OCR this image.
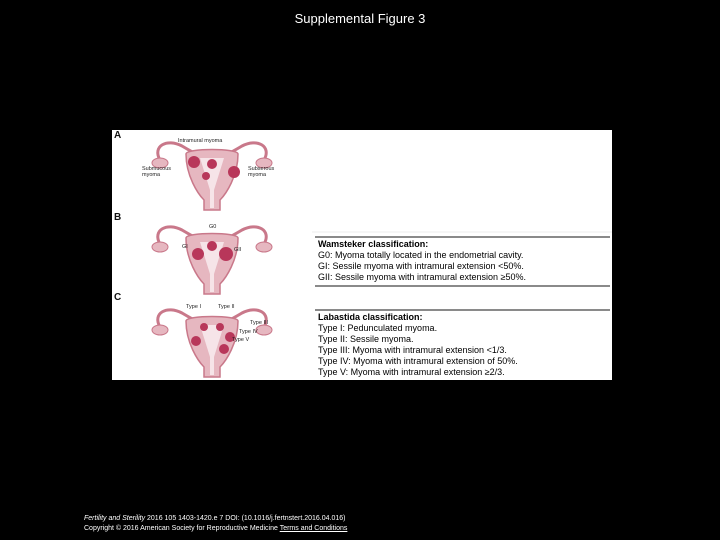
Supplemental Figure 3
A
B
C
Intramural myoma
Submucous myoma
Subserous myoma
G0
GI	GII
Type I	Type II
Type III
Type IV
Type V
Wamsteker classification:
G0: Myoma totally located in the endometrial cavity.
GI: Sessile myoma with intramural extension <50%.
GII: Sessile myoma with intramural extension ≥50%.
Labastida classification:
Type I: Pedunculated myoma.
Type II: Sessile myoma.
Type III: Myoma with intramural extension <1/3.
Type IV: Myoma with intramural extension of 50%.
Type V: Myoma with intramural extension ≥2/3.
Fertility and Sterility 2016 105 1403-1420.e 7 DOI: (10.1016/j.fertnstert.2016.04.016)
Copyright © 2016 American Society for Reproductive Medicine Terms and Conditions
